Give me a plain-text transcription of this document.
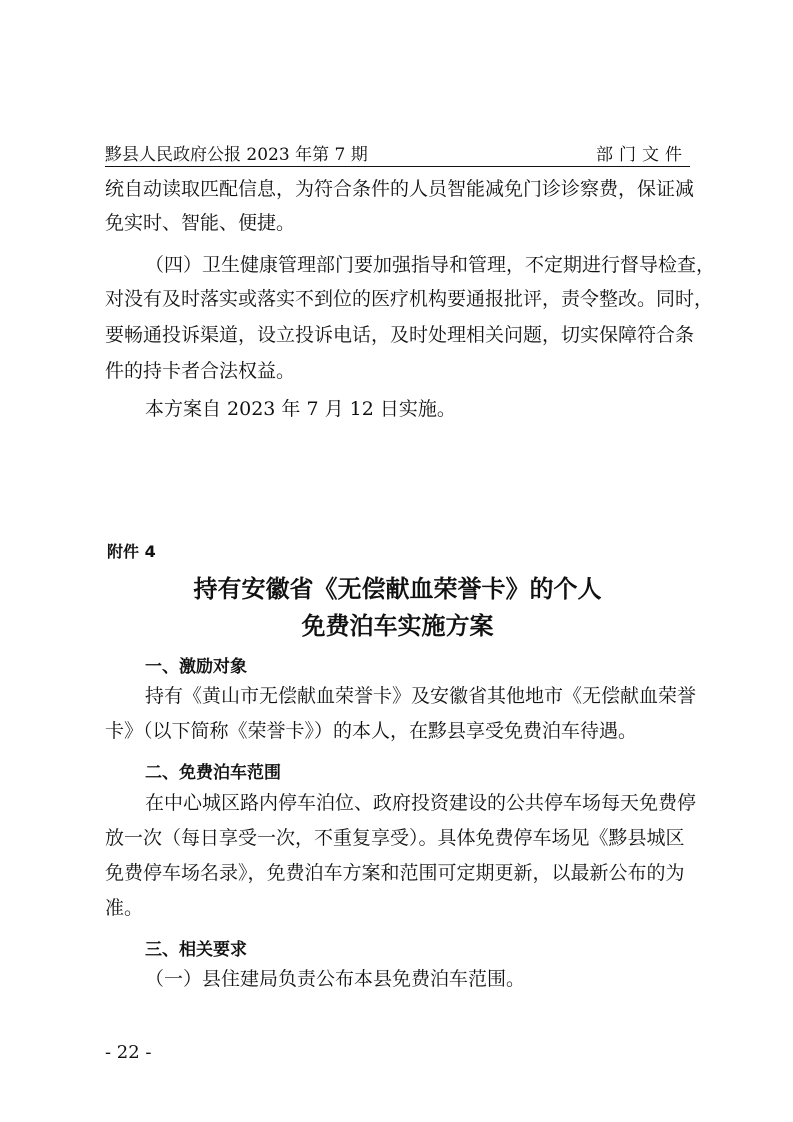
黟县人民政府公报 2023 年第 7 期	部门文件
统自动读取匹配信息，为符合条件的人员智能减免门诊诊察费，保证减
免实时、智能、便捷。
（四）卫生健康管理部门要加强指导和管理，不定期进行督导检查，
对没有及时落实或落实不到位的医疗机构要通报批评，责令整改。同时，
要畅通投诉渠道，设立投诉电话，及时处理相关问题，切实保障符合条
件的持卡者合法权益。
本方案自 2023 年 7 月 12 日实施。
附件 4
持有安徽省《无偿献血荣誉卡》的个人
免费泊车实施方案
一、激励对象
持有《黄山市无偿献血荣誉卡》及安徽省其他地市《无偿献血荣誉
卡》（以下简称《荣誉卡》）的本人，在黟县享受免费泊车待遇。
二、免费泊车范围
在中心城区路内停车泊位、政府投资建设的公共停车场每天免费停
放一次（每日享受一次，不重复享受）。具体免费停车场见《黟县城区
免费停车场名录》，免费泊车方案和范围可定期更新，以最新公布的为
准。
三、相关要求
（一）县住建局负责公布本县免费泊车范围。
- 22 -
